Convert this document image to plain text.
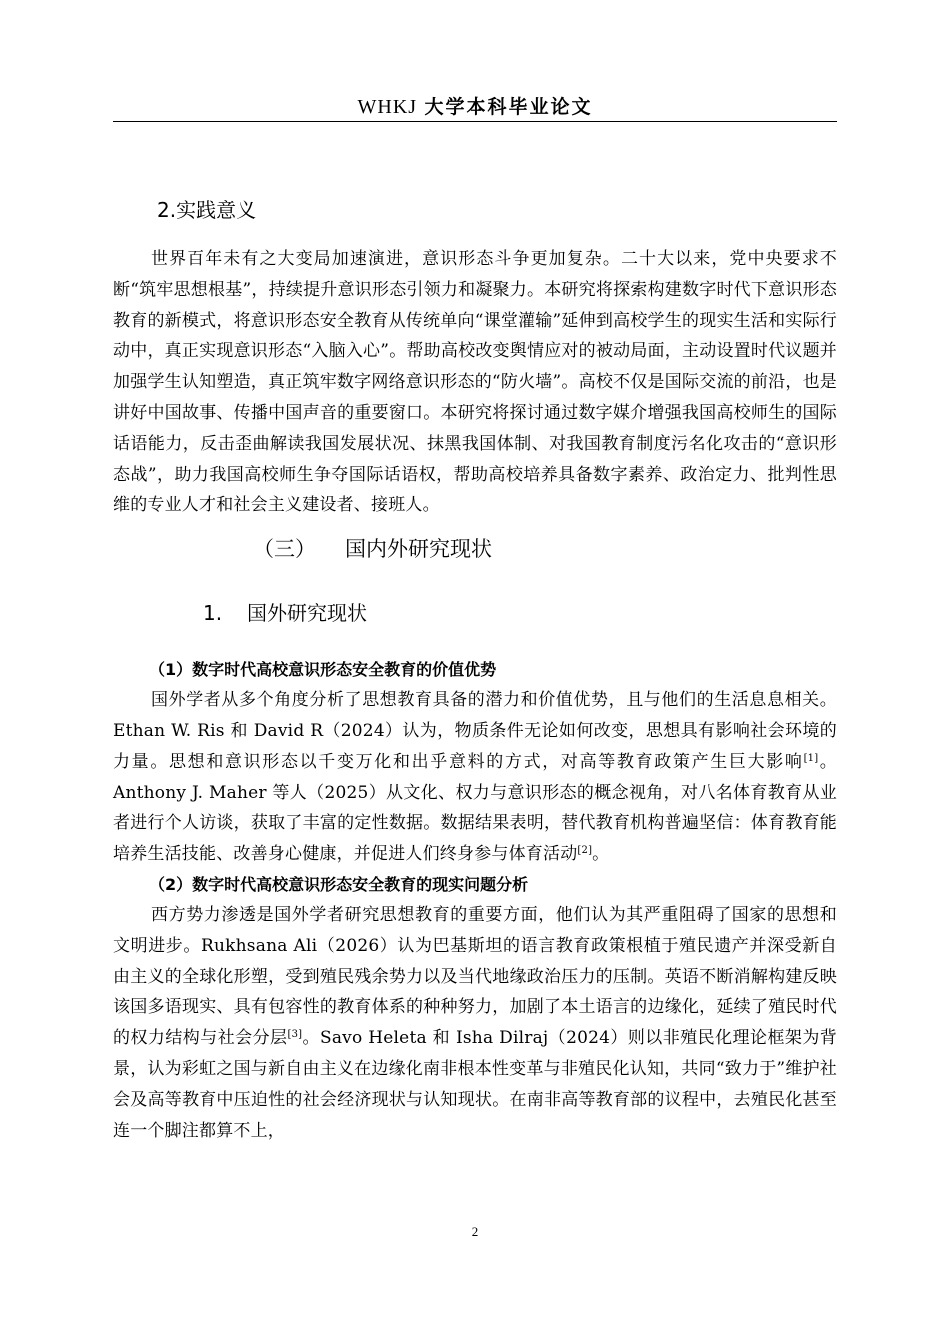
WHKJ 大学本科毕业论文
2.实践意义

世界百年未有之大变局加速演进，意识形态斗争更加复杂。二十大以来，党中央要求不断“筑牢思想根基”，持续提升意识形态引领力和凝聚力。本研究将探索构建数字时代下意识形态教育的新模式，将意识形态安全教育从传统单向“课堂灌输”延伸到高校学生的现实生活和实际行动中，真正实现意识形态“入脑入心”。帮助高校改变舆情应对的被动局面，主动设置时代议题并加强学生认知塑造，真正筑牢数字网络意识形态的“防火墙”。高校不仅是国际交流的前沿，也是讲好中国故事、传播中国声音的重要窗口。本研究将探讨通过数字媒介增强我国高校师生的国际话语能力，反击歪曲解读我国发展状况、抹黑我国体制、对我国教育制度污名化攻击的“意识形态战”，助力我国高校师生争夺国际话语权，帮助高校培养具备数字素养、政治定力、批判性思维的专业人才和社会主义建设者、接班人。

（三） 国内外研究现状
1. 国外研究现状
（1）数字时代高校意识形态安全教育的价值优势

国外学者从多个角度分析了思想教育具备的潜力和价值优势，且与他们的生活息息相关。Ethan W. Ris 和 David R（2024）认为，物质条件无论如何改变，思想具有影响社会环境的力量。思想和意识形态以千变万化和出乎意料的方式，对高等教育政策产生巨大影响[1]。Anthony J. Maher 等人（2025）从文化、权力与意识形态的概念视角，对八名体育教育从业者进行个人访谈，获取了丰富的定性数据。数据结果表明，替代教育机构普遍坚信：体育教育能培养生活技能、改善身心健康，并促进人们终身参与体育活动[2]。

（2）数字时代高校意识形态安全教育的现实问题分析

西方势力渗透是国外学者研究思想教育的重要方面，他们认为其严重阻碍了国家的思想和文明进步。Rukhsana Ali（2026）认为巴基斯坦的语言教育政策根植于殖民遗产并深受新自由主义的全球化形塑，受到殖民残余势力以及当代地缘政治压力的压制。英语不断消解构建反映该国多语现实、具有包容性的教育体系的种种努力，加剧了本土语言的边缘化，延续了殖民时代的权力结构与社会分层[3]。Savo Heleta 和 Isha Dilraj（2024）则以非殖民化理论框架为背景，认为彩虹之国与新自由主义在边缘化南非根本性变革与非殖民化认知，共同“致力于”维护社会及高等教育中压迫性的社会经济现状与认知现状。在南非高等教育部的议程中，去殖民化甚至连一个脚注都算不上，

2
